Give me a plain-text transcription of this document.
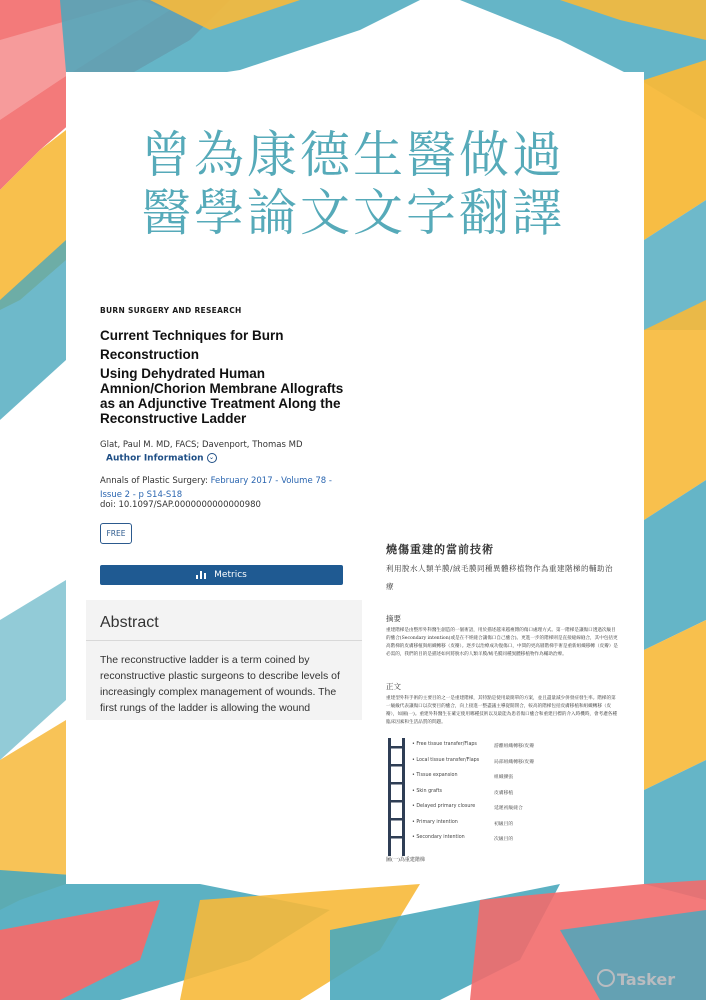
曾為康德生醫做過
醫學論文文字翻譯
BURN SURGERY AND RESEARCH
Current Techniques for Burn Reconstruction
Using Dehydrated Human Amnion/Chorion Membrane Allografts as an Adjunctive Treatment Along the Reconstructive Ladder
Glat, Paul M. MD, FACS; Davenport, Thomas MD
Author Information ⌄
Annals of Plastic Surgery: February 2017 - Volume 78 - Issue 2 - p S14-S18
doi: 10.1097/SAP.0000000000000980
FREE
Metrics
Abstract
The reconstructive ladder is a term coined by reconstructive plastic surgeons to describe levels of increasingly complex management of wounds. The first rungs of the ladder is allowing the wound
燒傷重建的當前技術
利用脫水人類羊膜/絨毛膜同種異體移植物作為重建階梯的輔助治療
摘要
重建階梯是由整形外科醫生創造的一個術語，用於描述越來越複雜的傷口處理方式。第一階梯是讓傷口透過次級目的癒合(Secondary intention)或是在不經縫合讓傷口自己癒合)。更進一步的階梯則是直接縫線縫合，其中包括更高階梯的皮膚移植與組織轉移（皮瓣）。逐步以治療成功復傷口，中間的更高層階梯手術是重新組織移轉（皮瓣）是必需的，我們的目的是描述如何將脫水的人類羊膜/絨毛膜同種異體移植物作為輔助治療。
正文
重建型外科手術的主要目的之一是重建階梯，其特點是使用最簡單的方案，並且盡量減少併發症發生率。階梯的第一級級代表讓傷口以次要目的癒合，向上接進一整盡議主導從開閉合，較高的階梯包括皮膚移植和組織轉移（皮瓣），如圖(一)。重建外科醫生在確定使用哪種技術以及最能為患者傷口癒合和重建目標的介入時機時，會考慮各種臨床因素和生活品質的問題。
• Free tissue transfer/Flaps	游離組織轉移/皮瓣
• Local tissue transfer/Flaps	局部組織轉移/皮瓣
• Tissue expansion	組織擴張
• Skin grafts	皮膚移植
• Delayed primary closure	延遲初級縫合
• Primary intention	初級目的
• Secondary intention	次級目的
圖(一)為重建階梯
Tasker
